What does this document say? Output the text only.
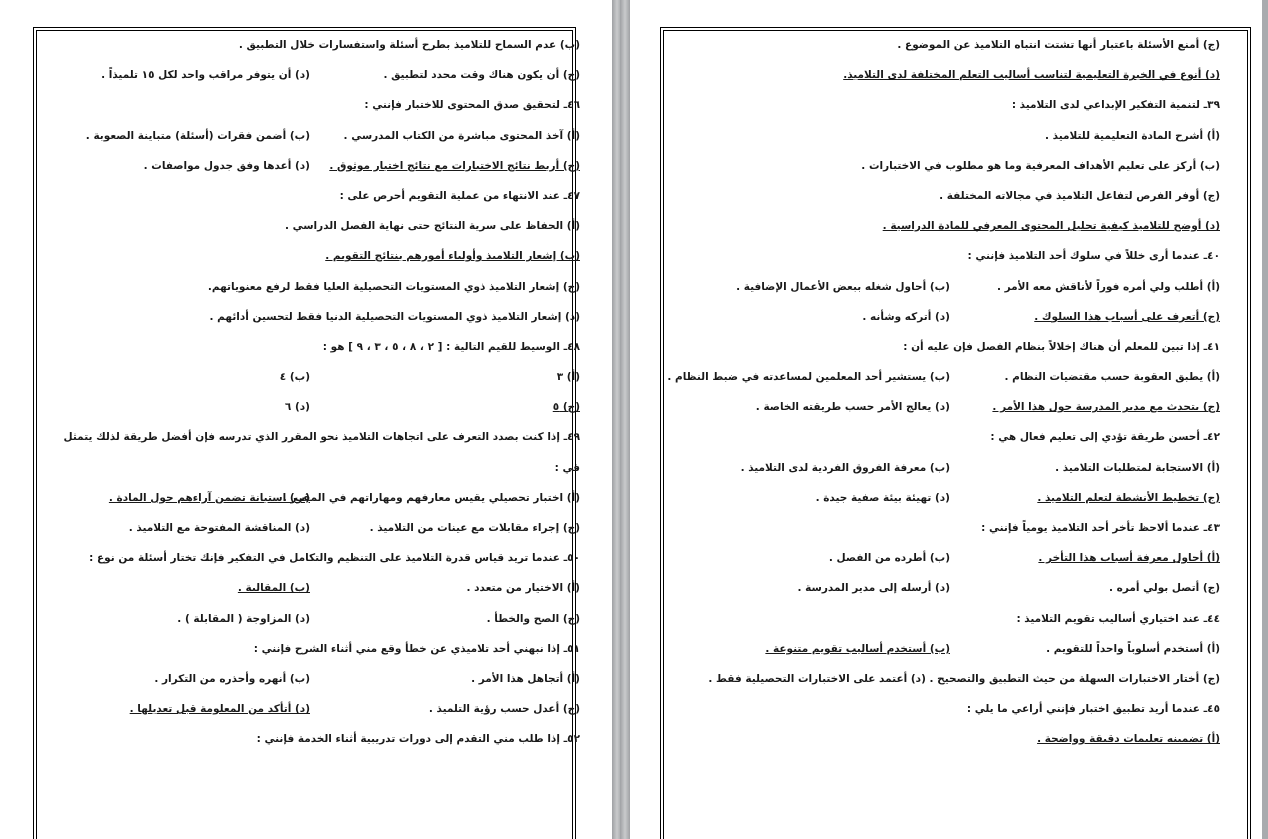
(ب) عدم السماح للتلاميذ بطرح أسئلة واستفسارات خلال التطبيق .
(ج) أن يكون هناك وقت محدد لتطبيق .
(د) أن يتوفر مراقب واحد لكل ١٥ تلميذاً .
٤٦ـ لتحقيق صدق المحتوى للاختبار فإنني :
(أ) آخذ المحتوى مباشرة من الكتاب المدرسي .
(ب) أضمن فقرات (أسئلة) متباينة الصعوبة .
(ج) أربط نتائج الاختبارات مع نتائج اختبار موثوق .
(د) أعدها وفق جدول مواصفات .
٤٧ـ عند الانتهاء من عملية التقويم أحرص على :
(أ) الحفاظ على سرية النتائج حتى نهاية الفصل الدراسي .
(ب) إشعار التلاميذ وأولياء أمورهم بنتائج التقويم .
(ج) إشعار التلاميذ ذوي المستويات التحصيلية العليا فقط لرفع معنوياتهم.
(د) إشعار التلاميذ ذوي المستويات التحصيلية الدنيا فقط لتحسين أدائهم .
٤٨ـ الوسيط للقيم التالية : [ ٢ ، ٨ ، ٥ ، ٣ ، ٩ ] هو :
(أ) ٣
(ب) ٤
(ج) ٥
(د) ٦
٤٩ـ إذا كنت بصدد التعرف على اتجاهات التلاميذ نحو المقرر الذي تدرسه فإن أفضل طريقة لذلك يتمثل
في :
(أ) اختبار تحصيلي يقيس معارفهم ومهاراتهم في المقرر .
(ب) استبانة تضمن آراءهم حول المادة .
(ج) إجراء مقابلات مع عينات من التلاميذ .
(د) المناقشة المفتوحة مع التلاميذ .
٥٠ـ عندما تريد قياس قدرة التلاميذ على التنظيم والتكامل في التفكير فإنك تختار أسئلة من نوع :
(أ) الاختيار من متعدد .
(ب) المقالية .
(ج) الصح والخطأ .
(د) المزاوجة ( المقابلة ) .
٥١ـ إذا نبهني أحد تلاميذي عن خطأ وقع مني أثناء الشرح فإنني :
(أ) أتجاهل هذا الأمر .
(ب) أنهره وأحذره من التكرار .
(ج) أعدل حسب رؤية التلميذ .
(د) أتأكد من المعلومة قبل تعديلها .
٥٢ـ إذا طلب مني التقدم إلى دورات تدريبية أثناء الخدمة فإنني :
(ج) أمنع الأسئلة باعتبار أنها تشتت انتباه التلاميذ عن الموضوع .
(د) أنوع في الخبرة التعليمية لتناسب أساليب التعلم المختلفة لدى التلاميذ.
٣٩ـ لتنمية التفكير الإبداعي لدى التلاميذ :
(أ) أشرح المادة التعليمية للتلاميذ .
(ب) أركز على تعليم الأهداف المعرفية وما هو مطلوب في الاختبارات .
(ج) أوفر الفرص لتفاعل التلاميذ في مجالاته المختلفة .
(د) أوضح للتلاميذ كيفية تحليل المحتوى المعرفي للمادة الدراسية .
٤٠ـ عندما أرى خللاً في سلوك أحد التلاميذ فإنني :
(أ) أطلب ولي أمره فوراً لأناقش معه الأمر .
(ب) أحاول شغله ببعض الأعمال الإضافية .
(ج) أتعرف على أسباب هذا السلوك .
(د) أتركه وشأنه .
٤١ـ إذا تبين للمعلم أن هناك إخلالاً بنظام الفصل فإن عليه أن :
(أ) يطبق العقوبة حسب مقتضيات النظام .
(ب) يستشير أحد المعلمين لمساعدته في ضبط النظام .
(ج) يتحدث مع مدير المدرسة حول هذا الأمر .
(د) يعالج الأمر حسب طريقته الخاصة .
٤٢ـ أحسن طريقة تؤدي إلى تعليم فعال هي :
(أ) الاستجابة لمتطلبات التلاميذ .
(ب) معرفة الفروق الفردية لدى التلاميذ .
(ج) تخطيط الأنشطة لتعلم التلاميذ .
(د) تهيئة بيئة صفية جيدة .
٤٣ـ عندما ألاحظ تأخر أحد التلاميذ يومياً فإنني :
(أ) أحاول معرفة أسباب هذا التأخر .
(ب) أطرده من الفصل .
(ج) أتصل بولي أمره .
(د) أرسله إلى مدير المدرسة .
٤٤ـ عند اختياري أساليب تقويم التلاميذ :
(أ) أستخدم أسلوباً واحداً للتقويم .
(ب) أستخدم أساليب تقويم متنوعة .
(ج) أختار الاختبارات السهلة من حيث التطبيق والتصحيح . (د) أعتمد على الاختبارات التحصيلية فقط .
٤٥ـ عندما أريد تطبيق اختبار فإنني أراعي ما يلي :
(أ) تضمينه تعليمات دقيقة وواضحة .
